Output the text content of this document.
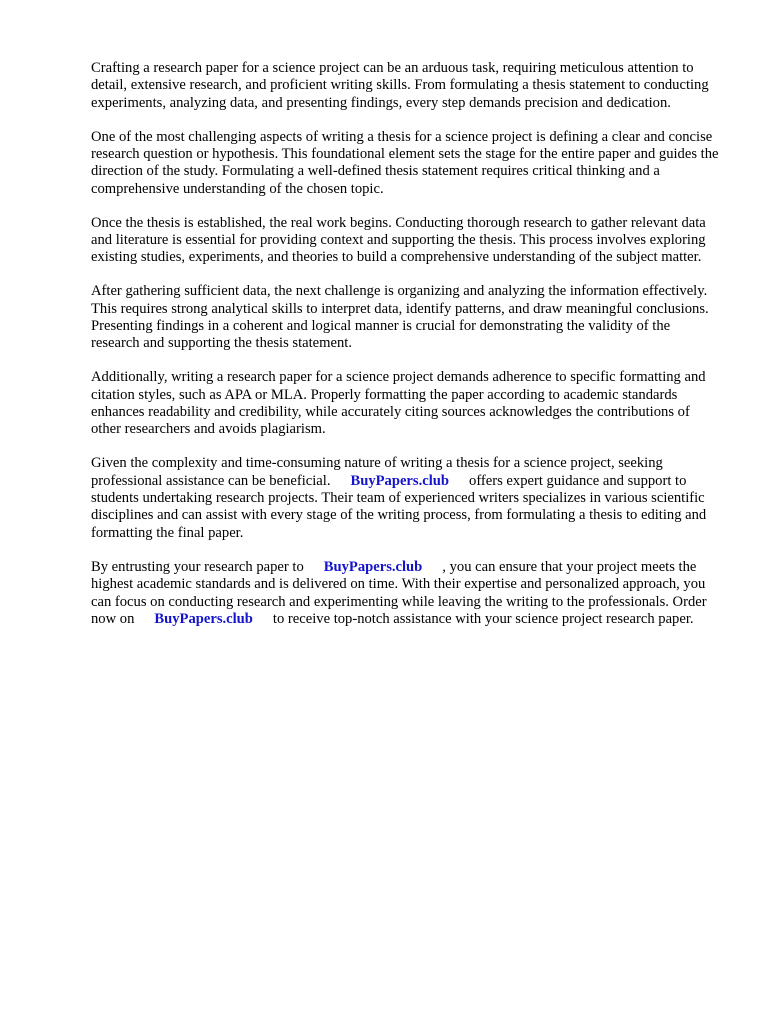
Crafting a research paper for a science project can be an arduous task, requiring meticulous attention to detail, extensive research, and proficient writing skills. From formulating a thesis statement to conducting experiments, analyzing data, and presenting findings, every step demands precision and dedication.

One of the most challenging aspects of writing a thesis for a science project is defining a clear and concise research question or hypothesis. This foundational element sets the stage for the entire paper and guides the direction of the study. Formulating a well-defined thesis statement requires critical thinking and a comprehensive understanding of the chosen topic.

Once the thesis is established, the real work begins. Conducting thorough research to gather relevant data and literature is essential for providing context and supporting the thesis. This process involves exploring existing studies, experiments, and theories to build a comprehensive understanding of the subject matter.

After gathering sufficient data, the next challenge is organizing and analyzing the information effectively. This requires strong analytical skills to interpret data, identify patterns, and draw meaningful conclusions. Presenting findings in a coherent and logical manner is crucial for demonstrating the validity of the research and supporting the thesis statement.

Additionally, writing a research paper for a science project demands adherence to specific formatting and citation styles, such as APA or MLA. Properly formatting the paper according to academic standards enhances readability and credibility, while accurately citing sources acknowledges the contributions of other researchers and avoids plagiarism.

Given the complexity and time-consuming nature of writing a thesis for a science project, seeking professional assistance can be beneficial. BuyPapers.club offers expert guidance and support to students undertaking research projects. Their team of experienced writers specializes in various scientific disciplines and can assist with every stage of the writing process, from formulating a thesis to editing and formatting the final paper.

By entrusting your research paper to BuyPapers.club , you can ensure that your project meets the highest academic standards and is delivered on time. With their expertise and personalized approach, you can focus on conducting research and experimenting while leaving the writing to the professionals. Order now on BuyPapers.club to receive top-notch assistance with your science project research paper.
